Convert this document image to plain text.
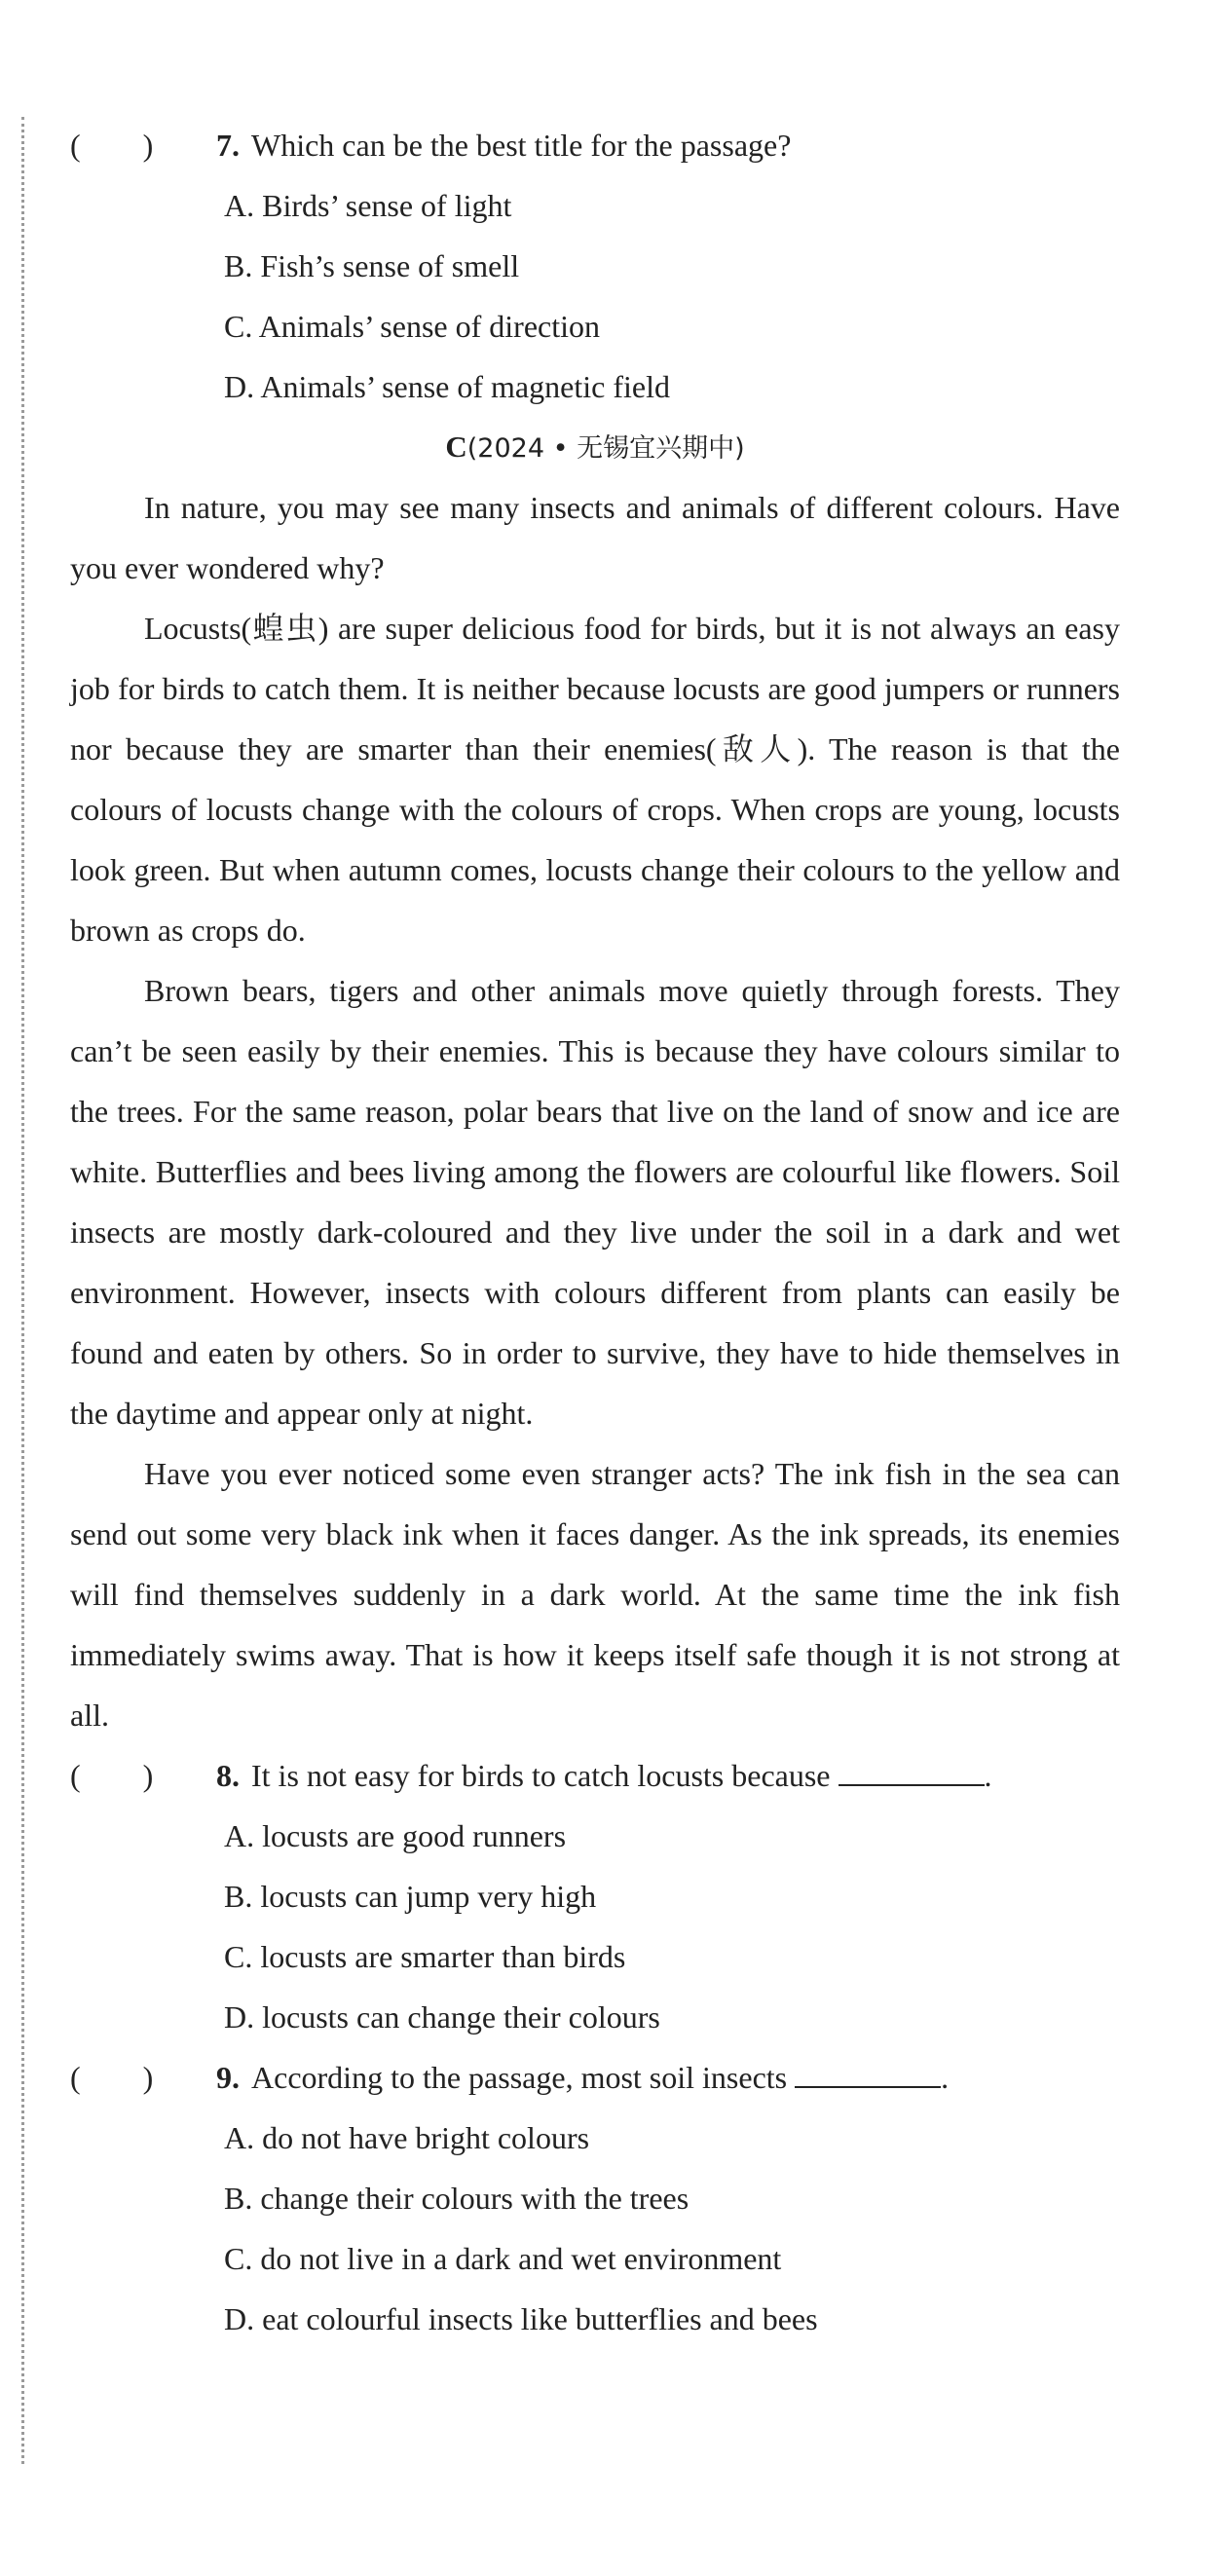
(　　) 7. Which can be the best title for the passage?
A. Birds’ sense of light
B. Fish’s sense of smell
C. Animals’ sense of direction
D. Animals’ sense of magnetic field
C(2024 • 无锡宜兴期中)

In nature, you may see many insects and animals of different colours. Have you ever wondered why?

Locusts(蝗虫) are super delicious food for birds, but it is not always an easy job for birds to catch them. It is neither because locusts are good jumpers or runners nor because they are smarter than their enemies(敌人). The reason is that the colours of locusts change with the colours of crops. When crops are young, locusts look green. But when autumn comes, locusts change their colours to the yellow and brown as crops do.

Brown bears, tigers and other animals move quietly through forests. They can’t be seen easily by their enemies. This is because they have colours similar to the trees. For the same reason, polar bears that live on the land of snow and ice are white. Butterflies and bees living among the flowers are colourful like flowers. Soil insects are mostly dark-coloured and they live under the soil in a dark and wet environment. However, insects with colours different from plants can easily be found and eaten by others. So in order to survive, they have to hide themselves in the daytime and appear only at night.

Have you ever noticed some even stranger acts? The ink fish in the sea can send out some very black ink when it faces danger. As the ink spreads, its enemies will find themselves suddenly in a dark world. At the same time the ink fish immediately swims away. That is how it keeps itself safe though it is not strong at all.

(　　) 8. It is not easy for birds to catch locusts because	.
A. locusts are good runners
B. locusts can jump very high
C. locusts are smarter than birds
D. locusts can change their colours
(　　) 9. According to the passage, most soil insects	.
A. do not have bright colours
B. change their colours with the trees
C. do not live in a dark and wet environment
D. eat colourful insects like butterflies and bees
